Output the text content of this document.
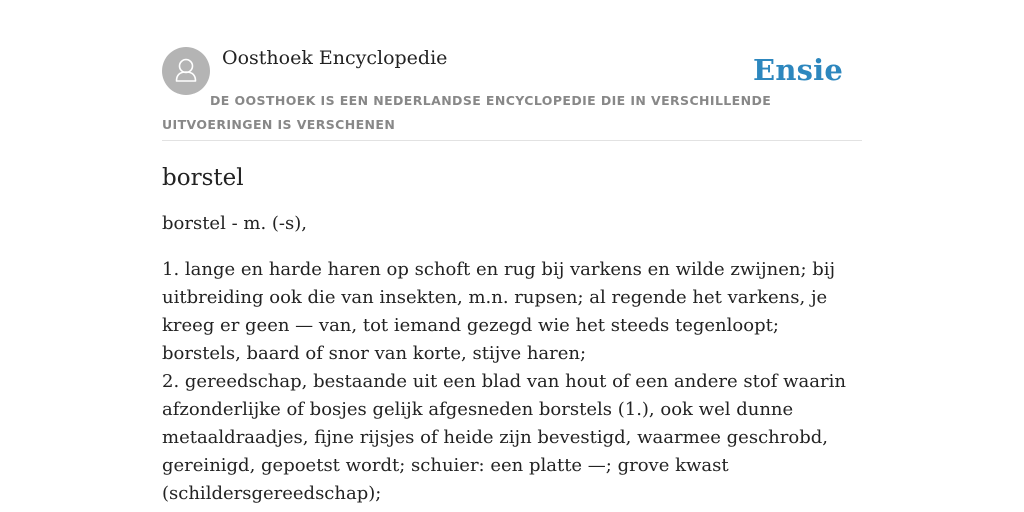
Oosthoek Encyclopedie	Ensie
DE OOSTHOEK IS EEN NEDERLANDSE ENCYCLOPEDIE DIE IN VERSCHILLENDE UITVOERINGEN IS VERSCHENEN
borstel

borstel - m. (-s),

1. lange en harde haren op schoft en rug bij varkens en wilde zwijnen; bij uitbreiding ook die van insekten, m.n. rupsen; al regende het varkens, je kreeg er geen — van, tot iemand gezegd wie het steeds tegenloopt; borstels, baard of snor van korte, stijve haren;
2. gereedschap, bestaande uit een blad van hout of een andere stof waarin afzonderlijke of bosjes gelijk afgesneden borstels (1.), ook wel dunne metaaldraadjes, fijne rijsjes of heide zijn bevestigd, waarmee geschrobd, gereinigd, gepoetst wordt; schuier: een platte —; grove kwast (schildersgereedschap);
